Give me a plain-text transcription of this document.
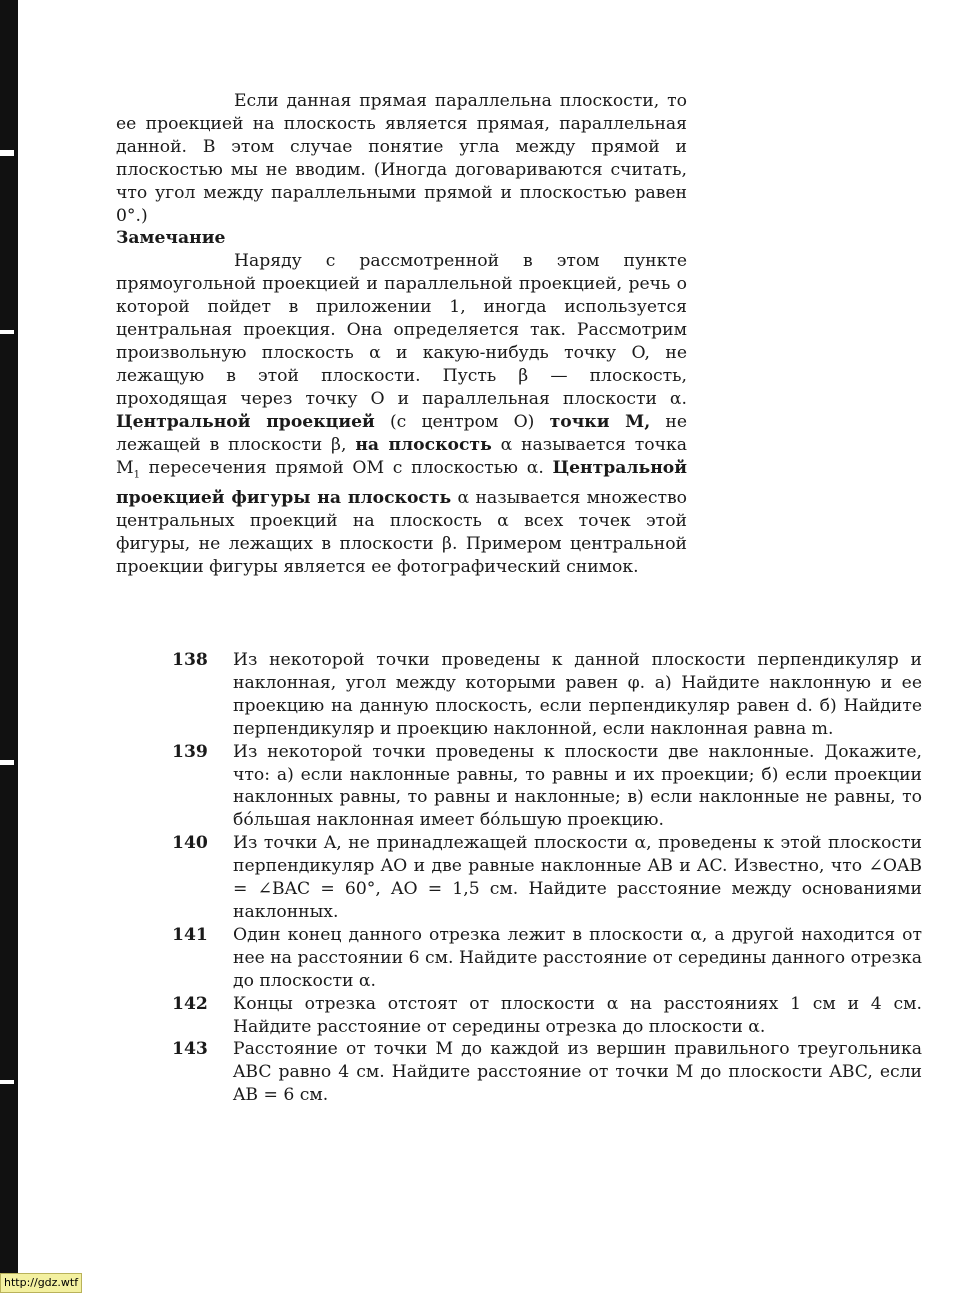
Если данная прямая параллельна плоскости, то ее проекцией на плоскость является прямая, параллельная данной. В этом случае понятие угла между прямой и плоскостью мы не вводим. (Иногда договариваются считать, что угол между параллельными прямой и плоскостью равен 0°.)

Замечание

Наряду с рассмотренной в этом пункте прямоугольной проекцией и параллельной проекцией, речь о которой пойдет в приложении 1, иногда используется центральная проекция. Она определяется так. Рассмотрим произвольную плоскость α и какую-нибудь точку O, не лежащую в этой плоскости. Пусть β — плоскость, проходящая через точку O и параллельная плоскости α. Центральной проекцией (с центром O) точки M, не лежащей в плоскости β, на плоскость α называется точка $M_1$ пересечения прямой OM с плоскостью α. Центральной проекцией фигуры на плоскость α называется множество центральных проекций на плоскость α всех точек этой фигуры, не лежащих в плоскости β. Примером центральной проекции фигуры является ее фотографический снимок.

138	Из некоторой точки проведены к данной плоскости перпендикуляр и наклонная, угол между которыми равен φ. а) Найдите наклонную и ее проекцию на данную плоскость, если перпендикуляр равен d. б) Найдите перпендикуляр и проекцию наклонной, если наклонная равна m.
139	Из некоторой точки проведены к плоскости две наклонные. Докажите, что: а) если наклонные равны, то равны и их проекции; б) если проекции наклонных равны, то равны и наклонные; в) если наклонные не равны, то бóльшая наклонная имеет бóльшую проекцию.
140	Из точки A, не принадлежащей плоскости α, проведены к этой плоскости перпендикуляр AO и две равные наклонные AB и AC. Известно, что ∠OAB = ∠BAC = 60°, AO = 1,5 см. Найдите расстояние между основаниями наклонных.
141	Один конец данного отрезка лежит в плоскости α, а другой находится от нее на расстоянии 6 см. Найдите расстояние от середины данного отрезка до плоскости α.
142	Концы отрезка отстоят от плоскости α на расстояниях 1 см и 4 см. Найдите расстояние от середины отрезка до плоскости α.
143	Расстояние от точки M до каждой из вершин правильного треугольника ABC равно 4 см. Найдите расстояние от точки M до плоскости ABC, если AB = 6 см.
http://gdz.wtf
